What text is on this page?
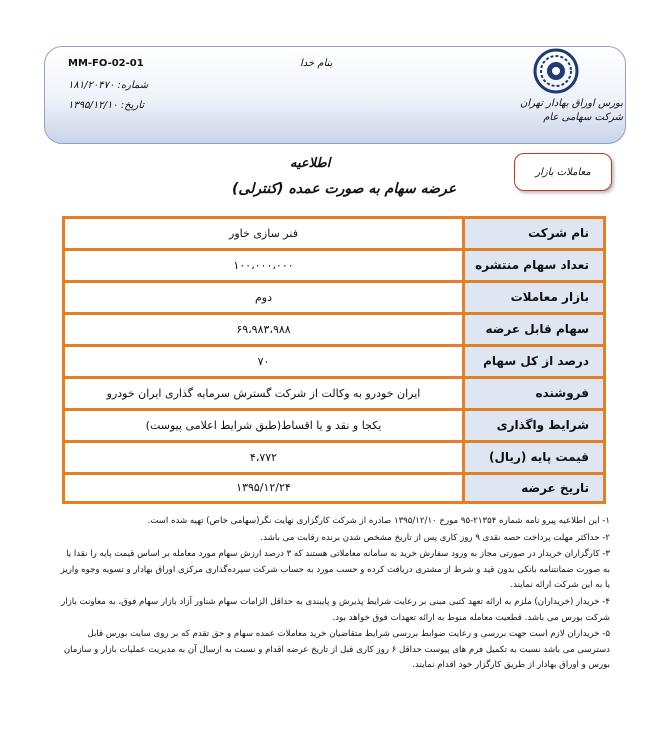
بنام خدا
MM-FO-02-01
شماره: ۱۸۱/۲۰۴۷۰
تاریخ: ۱۳۹۵/۱۲/۱۰	بورس اوراق بهادار تهران
شرکت سهامی عام
معاملات بازار
اطلاعیه
عرضه سهام به صورت عمده (کنترلی)
نام شرکت	فنر سازی خاور
تعداد سهام منتشره	۱۰۰،۰۰۰،۰۰۰
بازار معاملات	دوم
سهام قابل عرضه	۶۹،۹۸۳،۹۸۸
درصد از کل سهام	۷۰
فروشنده	ایران خودرو به وکالت از شرکت گسترش سرمایه گذاری ایران خودرو
شرایط واگذاری	یکجا و نقد و یا اقساط(طبق شرایط اعلامی پیوست)
قیمت پایه (ریال)	۴،۷۷۲
تاریخ عرضه	۱۳۹۵/۱۲/۲۴

۱- این اطلاعیه پیرو نامه شماره ۲۱۳۵۴-۹۵ مورخ ۱۳۹۵/۱۲/۱۰ صادره از شرکت کارگزاری نهایت نگر(سهامی خاص) تهیه شده است.

۲- حداکثر مهلت پرداخت حصه نقدی ۹ روز کاری پس از تاریخ مشخص شدن برنده رقابت می باشد.

۳- کارگزاران خریدار در صورتی مجاز به ورود سفارش خرید به سامانه معاملاتی هستند که ۳ درصد ارزش سهام مورد معامله بر اساس قیمت پایه را نقدا یا به صورت ضمانتنامه بانکی بدون قید و شرط از مشتری دریافت کرده و حسب مورد به حساب شرکت سپرده‌گذاری مرکزی اوراق بهادار و تسویه وجوه واریز یا به این شرکت ارائه نمایند.

۴- خریدار (خریداران) ملزم به ارائه تعهد کتبی مبنی بر رعایت شرایط پذیرش و پایبندی به حداقل الزامات سهام شناور آزاد بازار سهام فوق، به معاونت بازار شرکت بورس می باشد. قطعیت معامله منوط به ارائه تعهدات فوق خواهد بود.

۵- خریداران لازم است جهت بررسی و رعایت ضوابط بررسی شرایط متقاضیان خرید معاملات عمده سهام و حق تقدم که بر روی سایت بورس قابل دسترسی می باشد نسبت به تکمیل فرم های پیوست حداقل ۶ روز کاری قبل از تاریخ عرضه اقدام و نسبت به ارسال آن به مدیریت عملیات بازار و سازمان بورس و اوراق بهادار از طریق کارگزار خود اقدام نمایند.
